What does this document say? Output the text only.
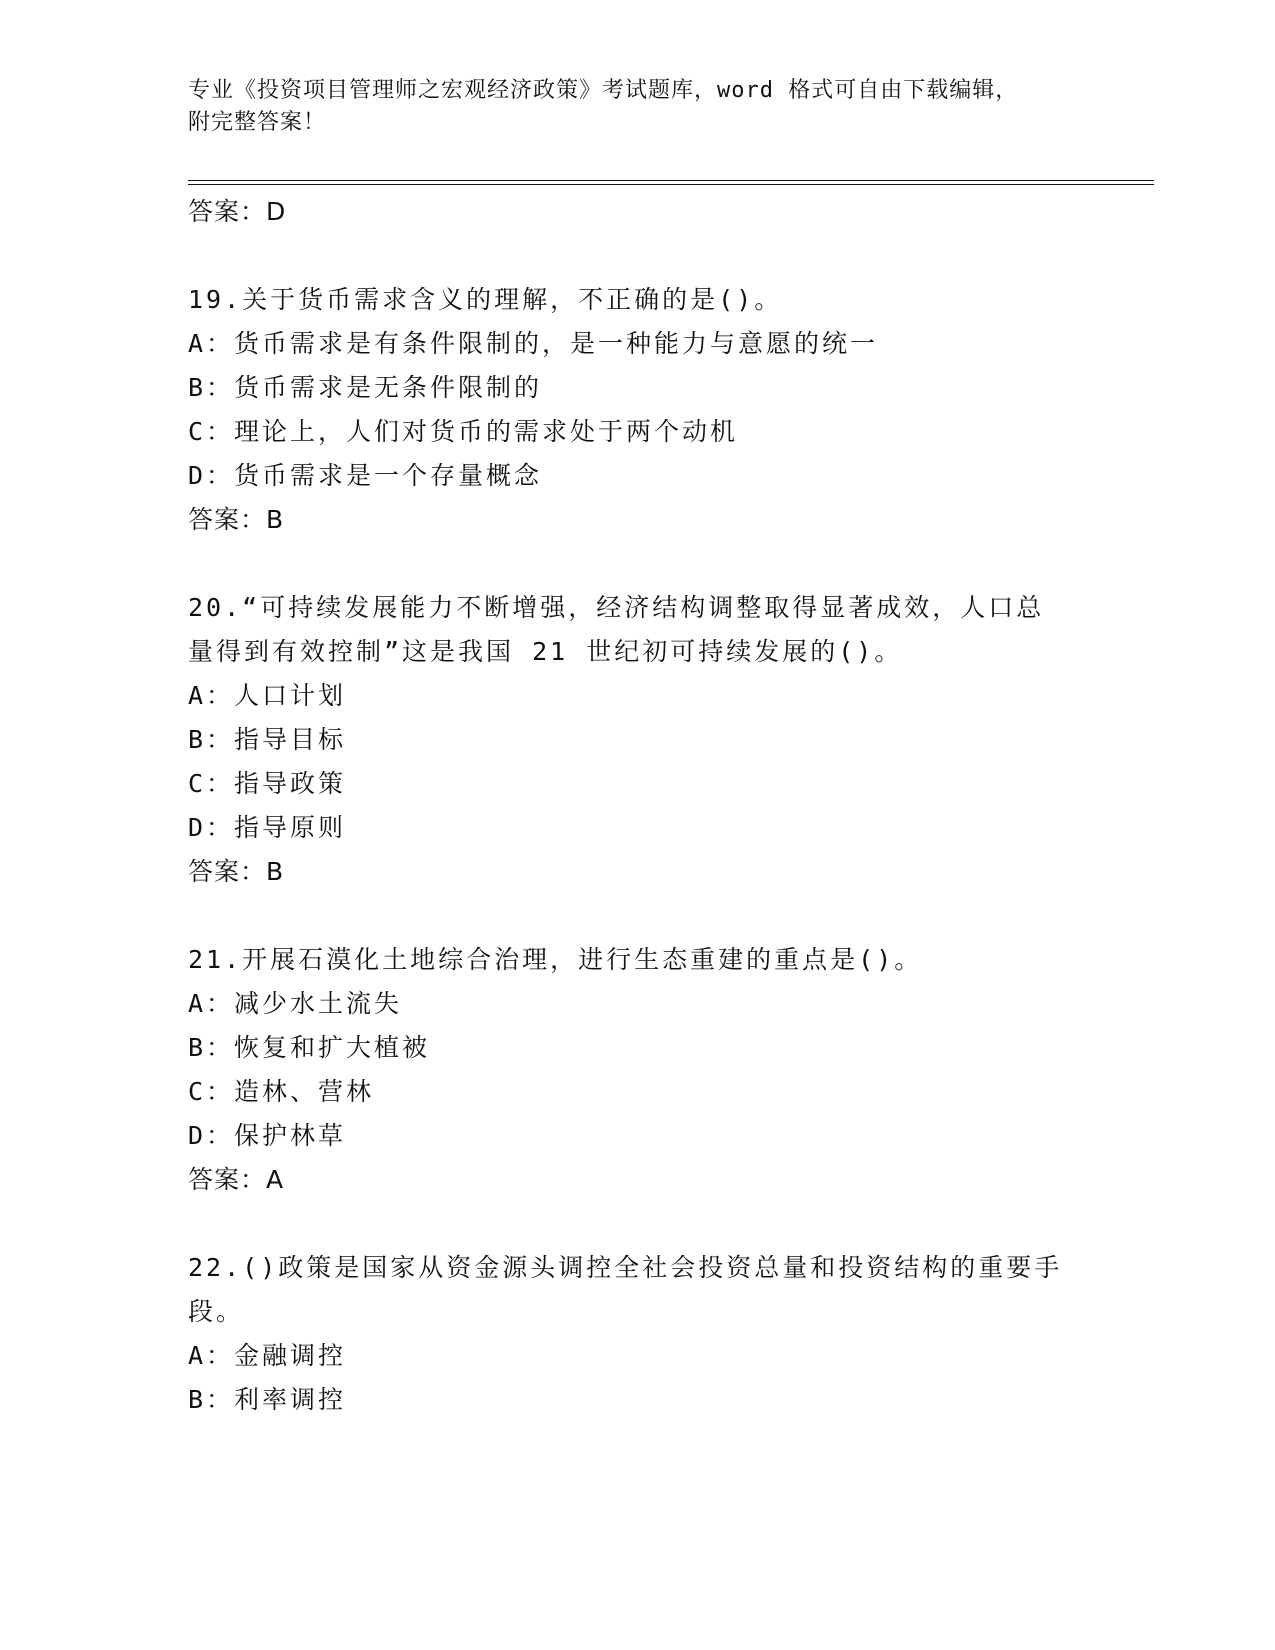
专业《投资项目管理师之宏观经济政策》考试题库，word 格式可自由下载编辑，
附完整答案！
答案：D
19.关于货币需求含义的理解，不正确的是()。
A：货币需求是有条件限制的，是一种能力与意愿的统一
B：货币需求是无条件限制的
C：理论上，人们对货币的需求处于两个动机
D：货币需求是一个存量概念
答案：B
20.“可持续发展能力不断增强，经济结构调整取得显著成效，人口总
量得到有效控制”这是我国 21 世纪初可持续发展的()。
A：人口计划
B：指导目标
C：指导政策
D：指导原则
答案：B
21.开展石漠化土地综合治理，进行生态重建的重点是()。
A：减少水土流失
B：恢复和扩大植被
C：造林、营林
D：保护林草
答案：A
22.()政策是国家从资金源头调控全社会投资总量和投资结构的重要手
段。
A：金融调控
B：利率调控
